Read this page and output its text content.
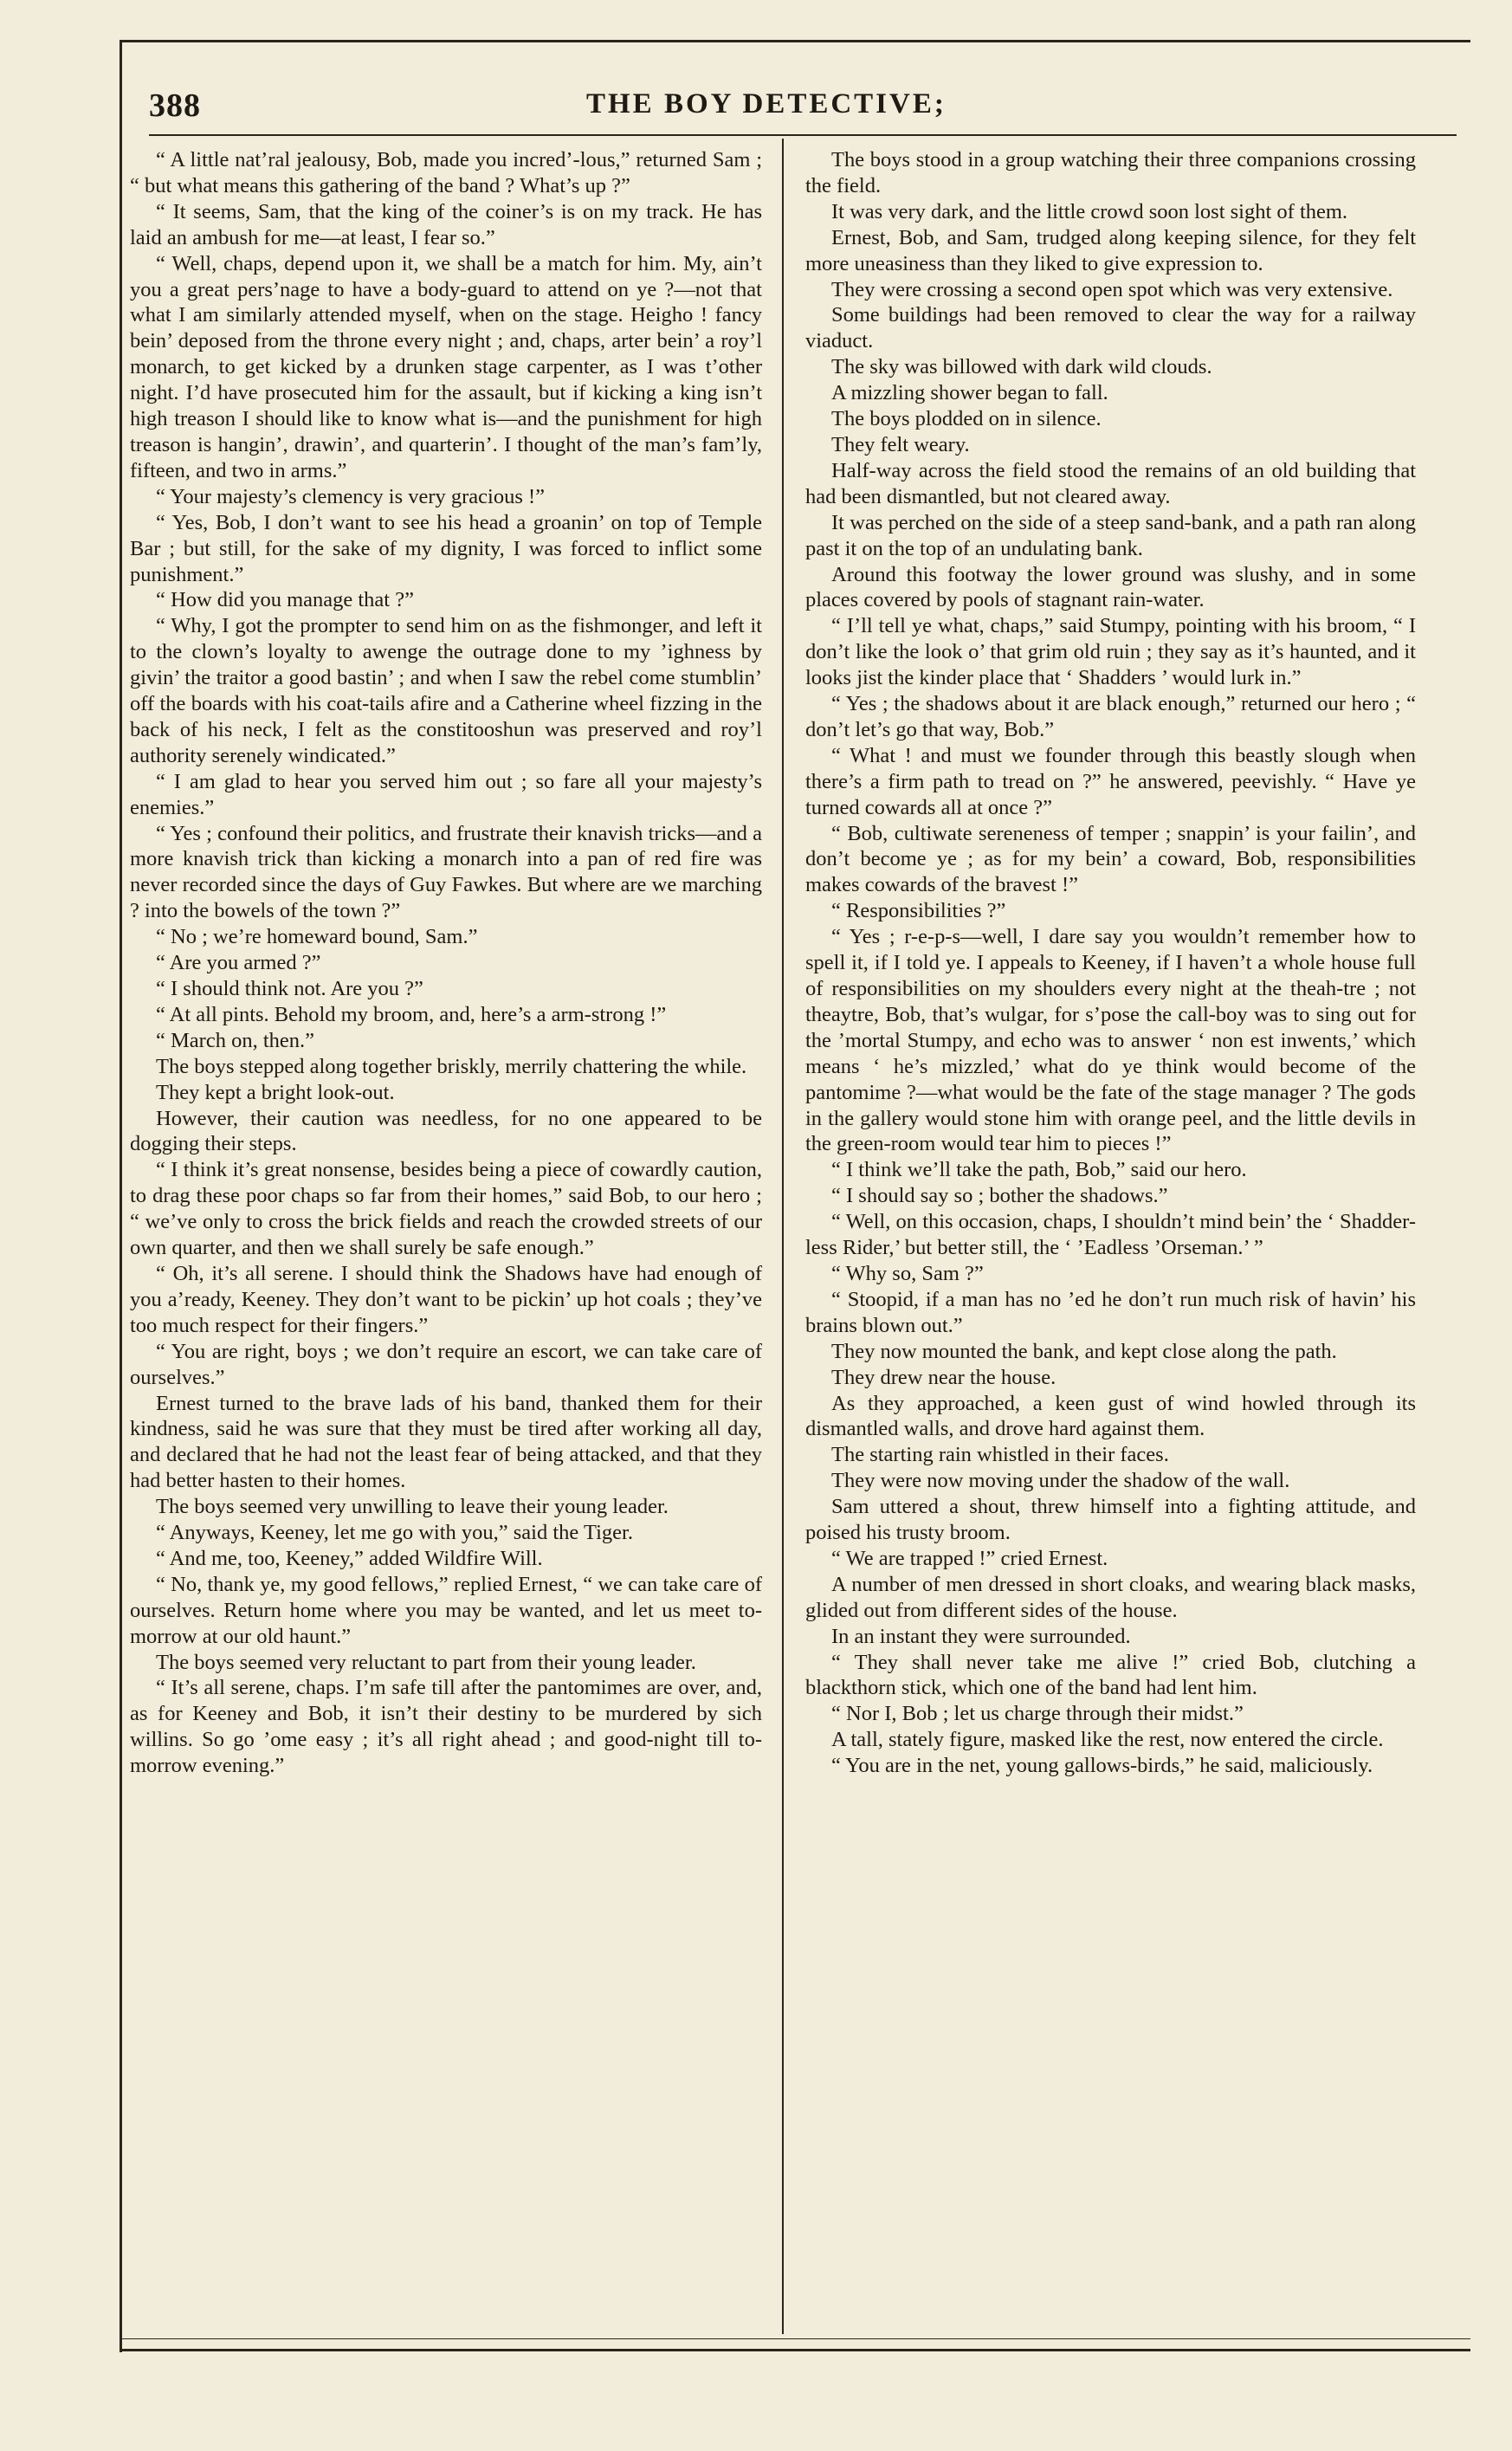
388	THE BOY DETECTIVE;

“ A little nat’ral jealousy, Bob, made you incred’-lous,” returned Sam ; “ but what means this gathering of the band ? What’s up ?”

“ It seems, Sam, that the king of the coiner’s is on my track. He has laid an ambush for me—at least, I fear so.”

“ Well, chaps, depend upon it, we shall be a match for him. My, ain’t you a great pers’nage to have a body-guard to attend on ye ?—not that what I am similarly attended myself, when on the stage. Heigho ! fancy bein’ deposed from the throne every night ; and, chaps, arter bein’ a roy’l monarch, to get kicked by a drunken stage carpenter, as I was t’other night. I’d have prosecuted him for the assault, but if kicking a king isn’t high treason I should like to know what is—and the punishment for high treason is hangin’, drawin’, and quarterin’. I thought of the man’s fam’ly, fifteen, and two in arms.”

“ Your majesty’s clemency is very gracious !”

“ Yes, Bob, I don’t want to see his head a groanin’ on top of Temple Bar ; but still, for the sake of my dignity, I was forced to inflict some punishment.”

“ How did you manage that ?”

“ Why, I got the prompter to send him on as the fishmonger, and left it to the clown’s loyalty to awenge the outrage done to my ’ighness by givin’ the traitor a good bastin’ ; and when I saw the rebel come stumblin’ off the boards with his coat-tails afire and a Catherine wheel fizzing in the back of his neck, I felt as the constitooshun was preserved and roy’l authority serenely windicated.”

“ I am glad to hear you served him out ; so fare all your majesty’s enemies.”

“ Yes ; confound their politics, and frustrate their knavish tricks—and a more knavish trick than kicking a monarch into a pan of red fire was never recorded since the days of Guy Fawkes. But where are we marching ? into the bowels of the town ?”

“ No ; we’re homeward bound, Sam.”

“ Are you armed ?”

“ I should think not. Are you ?”

“ At all pints. Behold my broom, and, here’s a arm-strong !”

“ March on, then.”

The boys stepped along together briskly, merrily chattering the while.

They kept a bright look-out.

However, their caution was needless, for no one appeared to be dogging their steps.

“ I think it’s great nonsense, besides being a piece of cowardly caution, to drag these poor chaps so far from their homes,” said Bob, to our hero ; “ we’ve only to cross the brick fields and reach the crowded streets of our own quarter, and then we shall surely be safe enough.”

“ Oh, it’s all serene. I should think the Shadows have had enough of you a’ready, Keeney. They don’t want to be pickin’ up hot coals ; they’ve too much respect for their fingers.”

“ You are right, boys ; we don’t require an escort, we can take care of ourselves.”

Ernest turned to the brave lads of his band, thanked them for their kindness, said he was sure that they must be tired after working all day, and declared that he had not the least fear of being attacked, and that they had better hasten to their homes.

The boys seemed very unwilling to leave their young leader.

“ Anyways, Keeney, let me go with you,” said the Tiger.

“ And me, too, Keeney,” added Wildfire Will.

“ No, thank ye, my good fellows,” replied Ernest, “ we can take care of ourselves. Return home where you may be wanted, and let us meet to-morrow at our old haunt.”

The boys seemed very reluctant to part from their young leader.

“ It’s all serene, chaps. I’m safe till after the pantomimes are over, and, as for Keeney and Bob, it isn’t their destiny to be murdered by sich willins. So go ’ome easy ; it’s all right ahead ; and good-night till to-morrow evening.”

The boys stood in a group watching their three companions crossing the field.

It was very dark, and the little crowd soon lost sight of them.

Ernest, Bob, and Sam, trudged along keeping silence, for they felt more uneasiness than they liked to give expression to.

They were crossing a second open spot which was very extensive.

Some buildings had been removed to clear the way for a railway viaduct.

The sky was billowed with dark wild clouds.

A mizzling shower began to fall.

The boys plodded on in silence.

They felt weary.

Half-way across the field stood the remains of an old building that had been dismantled, but not cleared away.

It was perched on the side of a steep sand-bank, and a path ran along past it on the top of an undulating bank.

Around this footway the lower ground was slushy, and in some places covered by pools of stagnant rain-water.

“ I’ll tell ye what, chaps,” said Stumpy, pointing with his broom, “ I don’t like the look o’ that grim old ruin ; they say as it’s haunted, and it looks jist the kinder place that ‘ Shadders ’ would lurk in.”

“ Yes ; the shadows about it are black enough,” returned our hero ; “ don’t let’s go that way, Bob.”

“ What ! and must we founder through this beastly slough when there’s a firm path to tread on ?” he answered, peevishly. “ Have ye turned cowards all at once ?”

“ Bob, cultiwate sereneness of temper ; snappin’ is your failin’, and don’t become ye ; as for my bein’ a coward, Bob, responsibilities makes cowards of the bravest !”

“ Responsibilities ?”

“ Yes ; r-e-p-s—well, I dare say you wouldn’t remember how to spell it, if I told ye. I appeals to Keeney, if I haven’t a whole house full of responsibilities on my shoulders every night at the theah-tre ; not theaytre, Bob, that’s wulgar, for s’pose the call-boy was to sing out for the ’mortal Stumpy, and echo was to answer ‘ non est inwents,’ which means ‘ he’s mizzled,’ what do ye think would become of the pantomime ?—what would be the fate of the stage manager ? The gods in the gallery would stone him with orange peel, and the little devils in the green-room would tear him to pieces !”

“ I think we’ll take the path, Bob,” said our hero.

“ I should say so ; bother the shadows.”

“ Well, on this occasion, chaps, I shouldn’t mind bein’ the ‘ Shadder-less Rider,’ but better still, the ‘ ’Eadless ’Orseman.’ ”

“ Why so, Sam ?”

“ Stoopid, if a man has no ’ed he don’t run much risk of havin’ his brains blown out.”

They now mounted the bank, and kept close along the path.

They drew near the house.

As they approached, a keen gust of wind howled through its dismantled walls, and drove hard against them.

The starting rain whistled in their faces.

They were now moving under the shadow of the wall.

Sam uttered a shout, threw himself into a fighting attitude, and poised his trusty broom.

“ We are trapped !” cried Ernest.

A number of men dressed in short cloaks, and wearing black masks, glided out from different sides of the house.

In an instant they were surrounded.

“ They shall never take me alive !” cried Bob, clutching a blackthorn stick, which one of the band had lent him.

“ Nor I, Bob ; let us charge through their midst.”

A tall, stately figure, masked like the rest, now entered the circle.

“ You are in the net, young gallows-birds,” he said, maliciously.
